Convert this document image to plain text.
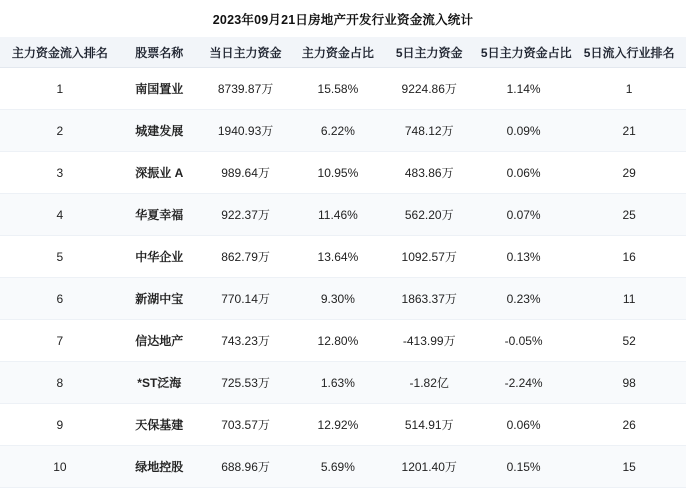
2023年09月21日房地产开发行业资金流入统计
主力资金流入排名	股票名称	当日主力资金	主力资金占比	5日主力资金	5日主力资金占比	5日流入行业排名
1	南国置业	8739.87万	15.58%	9224.86万	1.14%	1
2	城建发展	1940.93万	6.22%	748.12万	0.09%	21
3	深振业 A	989.64万	10.95%	483.86万	0.06%	29
4	华夏幸福	922.37万	11.46%	562.20万	0.07%	25
5	中华企业	862.79万	13.64%	1092.57万	0.13%	16
6	新湖中宝	770.14万	9.30%	1863.37万	0.23%	11
7	信达地产	743.23万	12.80%	-413.99万	-0.05%	52
8	*ST泛海	725.53万	1.63%	-1.82亿	-2.24%	98
9	天保基建	703.57万	12.92%	514.91万	0.06%	26
10	绿地控股	688.96万	5.69%	1201.40万	0.15%	15
